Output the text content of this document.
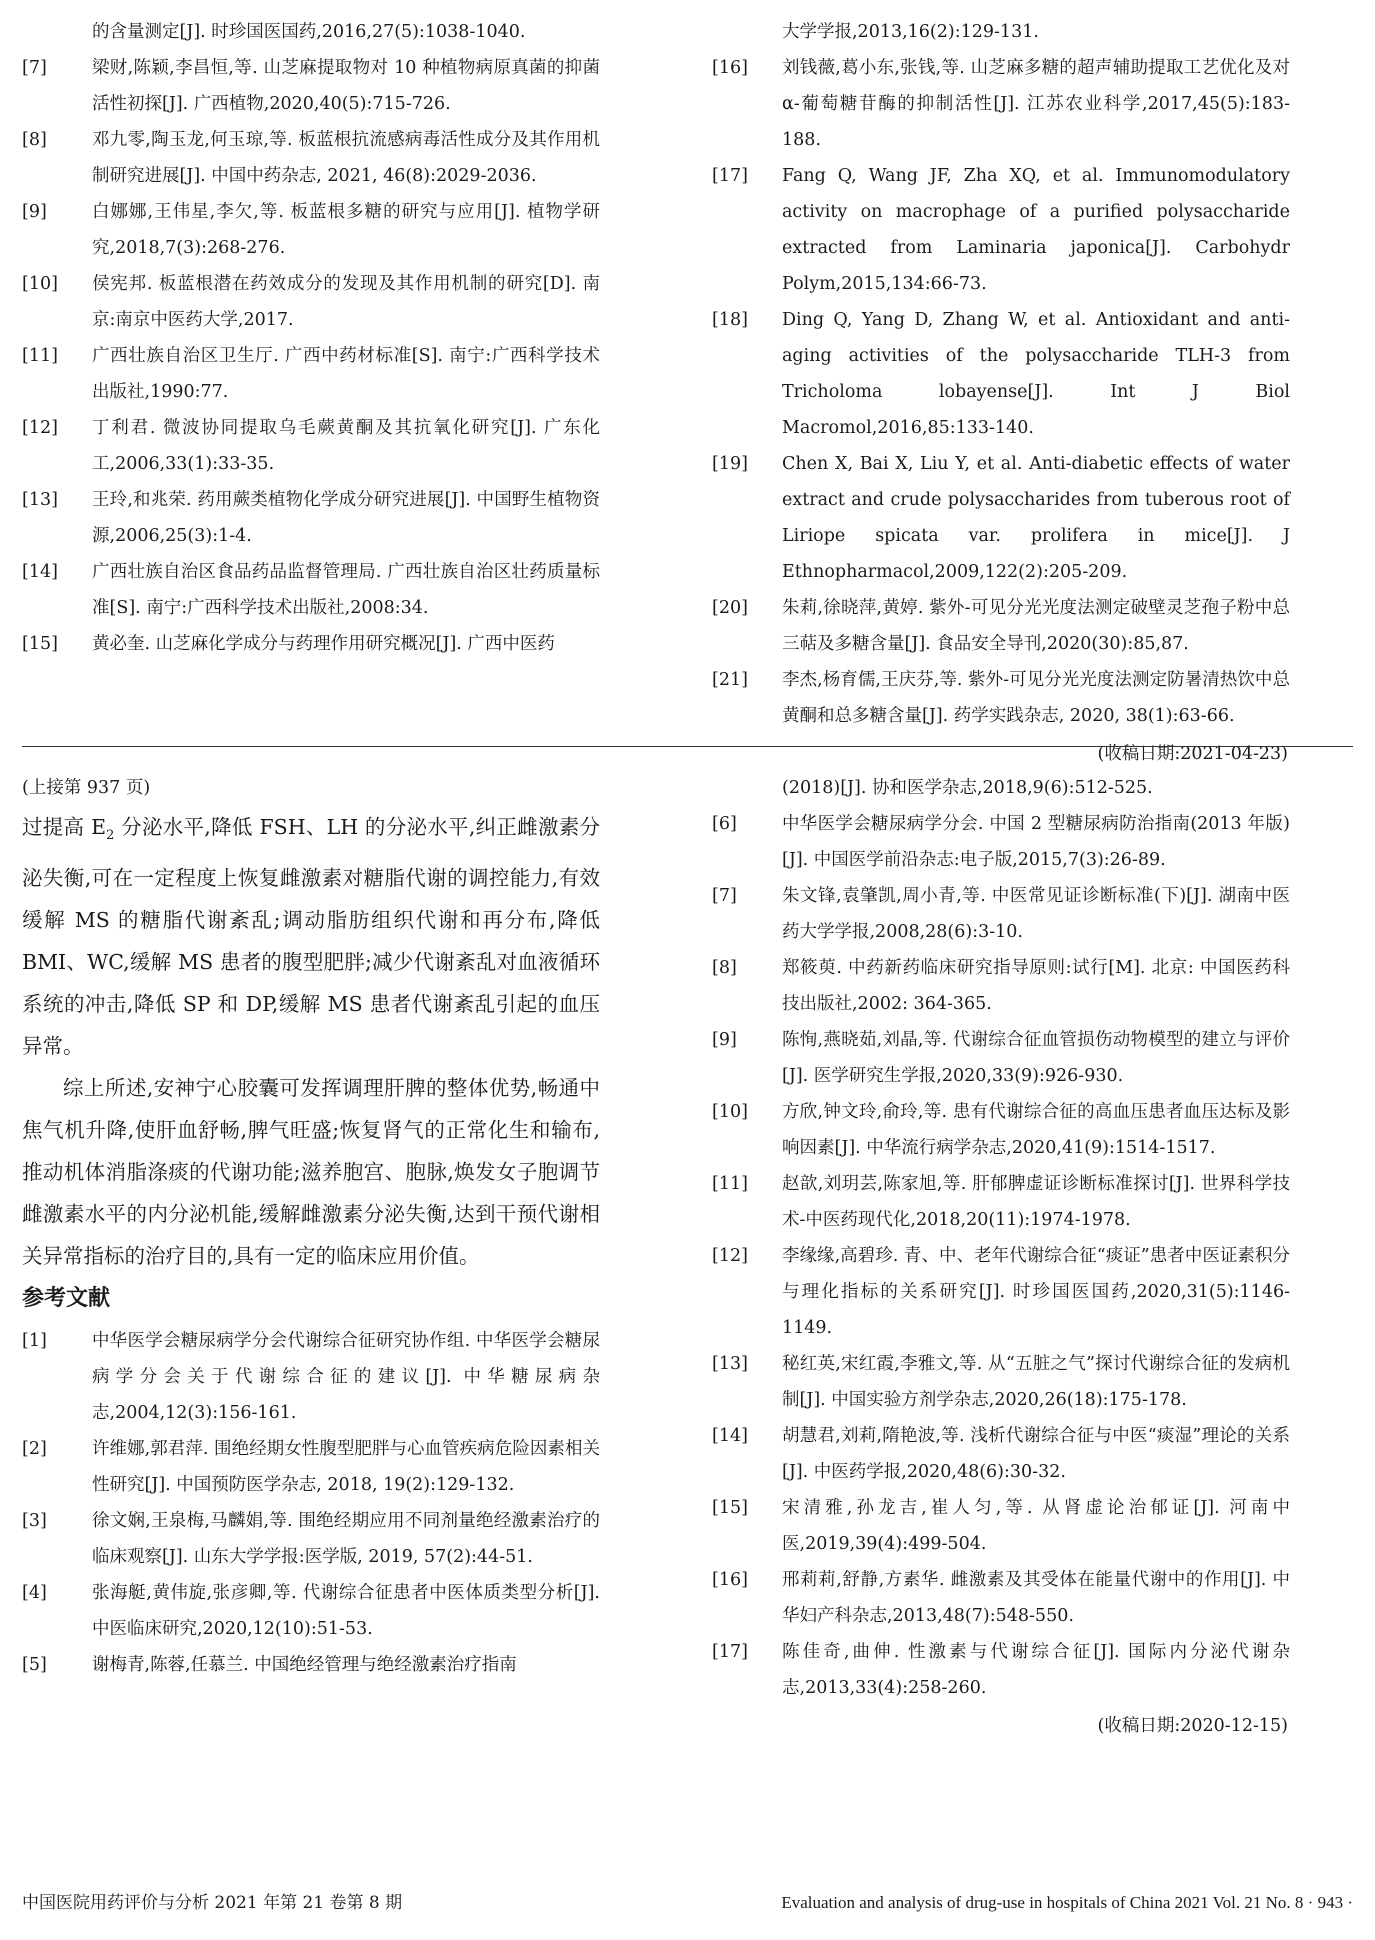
的含量测定[J]. 时珍国医国药,2016,27(5):1038-1040.
[7]	梁财,陈颖,李昌恒,等. 山芝麻提取物对 10 种植物病原真菌的抑菌活性初探[J]. 广西植物,2020,40(5):715-726.
[8]	邓九零,陶玉龙,何玉琼,等. 板蓝根抗流感病毒活性成分及其作用机制研究进展[J]. 中国中药杂志, 2021, 46(8):2029-2036.
[9]	白娜娜,王伟星,李欠,等. 板蓝根多糖的研究与应用[J]. 植物学研究,2018,7(3):268-276.
[10]	侯宪邦. 板蓝根潜在药效成分的发现及其作用机制的研究[D]. 南京:南京中医药大学,2017.
[11]	广西壮族自治区卫生厅. 广西中药材标准[S]. 南宁:广西科学技术出版社,1990:77.
[12]	丁利君. 微波协同提取乌毛蕨黄酮及其抗氧化研究[J]. 广东化工,2006,33(1):33-35.
[13]	王玲,和兆荣. 药用蕨类植物化学成分研究进展[J]. 中国野生植物资源,2006,25(3):1-4.
[14]	广西壮族自治区食品药品监督管理局. 广西壮族自治区壮药质量标准[S]. 南宁:广西科学技术出版社,2008:34.
[15]	黄必奎. 山芝麻化学成分与药理作用研究概况[J]. 广西中医药
大学学报,2013,16(2):129-131.
[16]	刘钱薇,葛小东,张钱,等. 山芝麻多糖的超声辅助提取工艺优化及对 α-葡萄糖苷酶的抑制活性[J]. 江苏农业科学,2017,45(5):183-188.
[17]	Fang Q, Wang JF, Zha XQ, et al. Immunomodulatory activity on macrophage of a purified polysaccharide extracted from Laminaria japonica[J]. Carbohydr Polym,2015,134:66-73.
[18]	Ding Q, Yang D, Zhang W, et al. Antioxidant and anti-aging activities of the polysaccharide TLH-3 from Tricholoma lobayense[J]. Int J Biol Macromol,2016,85:133-140.
[19]	Chen X, Bai X, Liu Y, et al. Anti-diabetic effects of water extract and crude polysaccharides from tuberous root of Liriope spicata var. prolifera in mice[J]. J Ethnopharmacol,2009,122(2):205-209.
[20]	朱莉,徐晓萍,黄婷. 紫外-可见分光光度法测定破壁灵芝孢子粉中总三萜及多糖含量[J]. 食品安全导刊,2020(30):85,87.
[21]	李杰,杨育儒,王庆芬,等. 紫外-可见分光光度法测定防暑清热饮中总黄酮和总多糖含量[J]. 药学实践杂志, 2020, 38(1):63-66.
(收稿日期:2021-04-23)
(上接第 937 页)
过提高 $E_2$ 分泌水平,降低 FSH、LH 的分泌水平,纠正雌激素分泌失衡,可在一定程度上恢复雌激素对糖脂代谢的调控能力,有效缓解 MS 的糖脂代谢紊乱;调动脂肪组织代谢和再分布,降低 BMI、WC,缓解 MS 患者的腹型肥胖;减少代谢紊乱对血液循环系统的冲击,降低 SP 和 DP,缓解 MS 患者代谢紊乱引起的血压异常。
综上所述,安神宁心胶囊可发挥调理肝脾的整体优势,畅通中焦气机升降,使肝血舒畅,脾气旺盛;恢复肾气的正常化生和输布,推动机体消脂涤痰的代谢功能;滋养胞宫、胞脉,焕发女子胞调节雌激素水平的内分泌机能,缓解雌激素分泌失衡,达到干预代谢相关异常指标的治疗目的,具有一定的临床应用价值。
参考文献
[1]	中华医学会糖尿病学分会代谢综合征研究协作组. 中华医学会糖尿病学分会关于代谢综合征的建议[J]. 中华糖尿病杂志,2004,12(3):156-161.
[2]	许维娜,郭君萍. 围绝经期女性腹型肥胖与心血管疾病危险因素相关性研究[J]. 中国预防医学杂志, 2018, 19(2):129-132.
[3]	徐文娴,王泉梅,马麟娟,等. 围绝经期应用不同剂量绝经激素治疗的临床观察[J]. 山东大学学报:医学版, 2019, 57(2):44-51.
[4]	张海艇,黄伟旋,张彦卿,等. 代谢综合征患者中医体质类型分析[J]. 中医临床研究,2020,12(10):51-53.
[5]	谢梅青,陈蓉,任慕兰. 中国绝经管理与绝经激素治疗指南
(2018)[J]. 协和医学杂志,2018,9(6):512-525.
[6]	中华医学会糖尿病学分会. 中国 2 型糖尿病防治指南(2013 年版)[J]. 中国医学前沿杂志:电子版,2015,7(3):26-89.
[7]	朱文锋,袁肇凯,周小青,等. 中医常见证诊断标准(下)[J]. 湖南中医药大学学报,2008,28(6):3-10.
[8]	郑筱萸. 中药新药临床研究指导原则:试行[M]. 北京: 中国医药科技出版社,2002: 364-365.
[9]	陈恂,燕晓茹,刘晶,等. 代谢综合征血管损伤动物模型的建立与评价[J]. 医学研究生学报,2020,33(9):926-930.
[10]	方欣,钟文玲,俞玲,等. 患有代谢综合征的高血压患者血压达标及影响因素[J]. 中华流行病学杂志,2020,41(9):1514-1517.
[11]	赵歆,刘玥芸,陈家旭,等. 肝郁脾虚证诊断标准探讨[J]. 世界科学技术-中医药现代化,2018,20(11):1974-1978.
[12]	李缘缘,高碧珍. 青、中、老年代谢综合征“痰证”患者中医证素积分与理化指标的关系研究[J]. 时珍国医国药,2020,31(5):1146-1149.
[13]	秘红英,宋红霞,李雅文,等. 从“五脏之气”探讨代谢综合征的发病机制[J]. 中国实验方剂学杂志,2020,26(18):175-178.
[14]	胡慧君,刘莉,隋艳波,等. 浅析代谢综合征与中医“痰湿”理论的关系[J]. 中医药学报,2020,48(6):30-32.
[15]	宋清雅,孙龙吉,崔人匀,等. 从肾虚论治郁证[J]. 河南中医,2019,39(4):499-504.
[16]	邢莉莉,舒静,方素华. 雌激素及其受体在能量代谢中的作用[J]. 中华妇产科杂志,2013,48(7):548-550.
[17]	陈佳奇,曲伸. 性激素与代谢综合征[J]. 国际内分泌代谢杂志,2013,33(4):258-260.
(收稿日期:2020-12-15)
中国医院用药评价与分析 2021 年第 21 卷第 8 期	Evaluation and analysis of drug-use in hospitals of China 2021 Vol. 21 No. 8 · 943 ·
